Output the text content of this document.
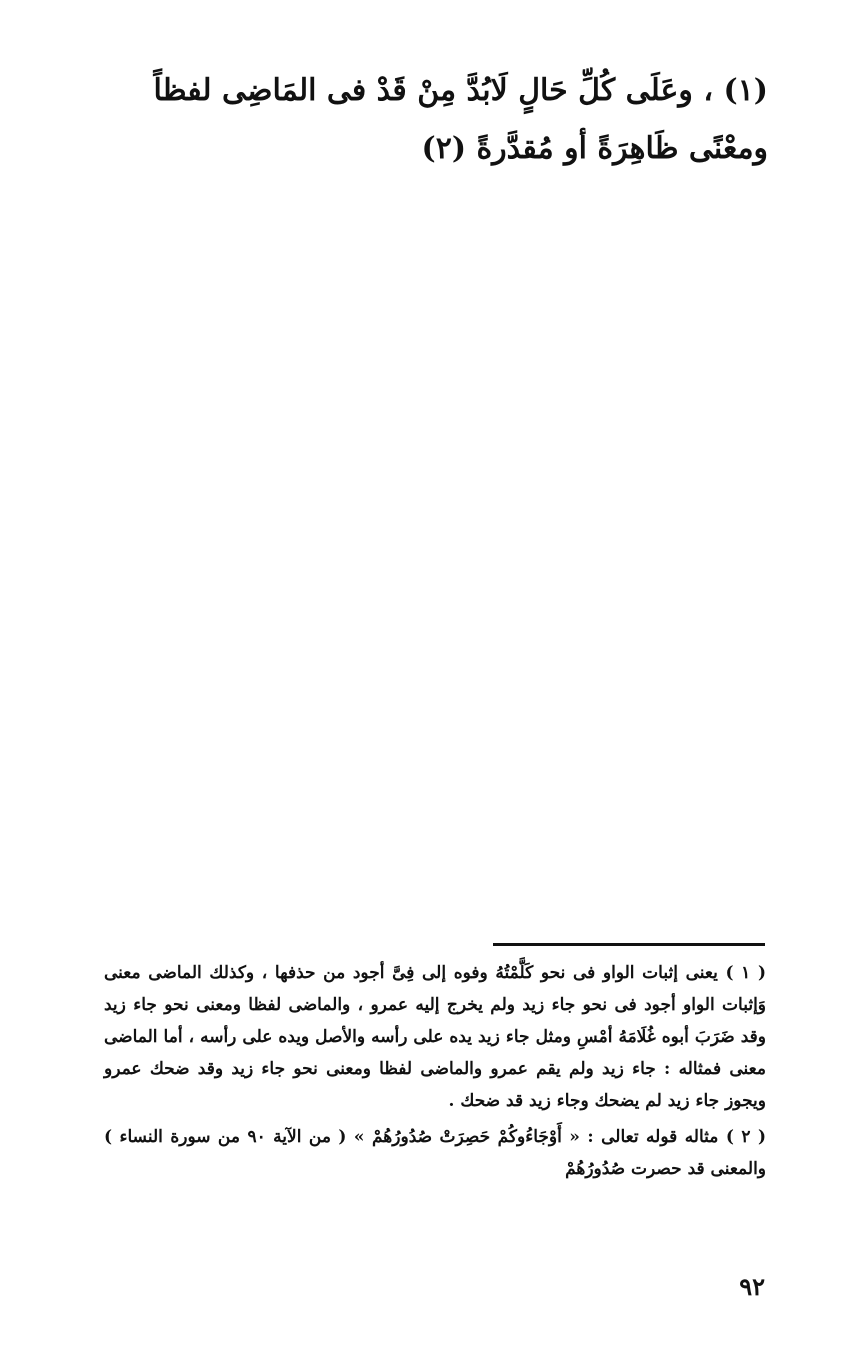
(١) ، وعَلَى كُلِّ حَالٍ لَابُدَّ مِنْ قَدْ فى المَاضِى لفظاً ومعْنًى ظَاهِرَةً أو مُقدَّرةً (٢)

( ١ ) يعنى إثبات الواو فى نحو كَلَّمْتُهُ وفوه إلى فِىَّ أجود من حذفها ، وكذلك الماضى معنى وَإثبات الواو أجود فى نحو جاء زيد ولم يخرج إليه عمرو ، والماضى لفظا ومعنى نحو جاء زيد وقد ضَرَبَ أبوه غُلَامَهُ أمْسِ ومثل جاء زيد يده على رأسه والأصل ويده على رأسه ، أما الماضى معنى فمثاله : جاء زيد ولم يقم عمرو والماضى لفظا ومعنى نحو جاء زيد وقد ضحك عمرو ويجوز جاء زيد لم يضحك وجاء زيد قد ضحك .

( ٢ ) مثاله قوله تعالى : « أَوْجَاءُوكُمْ حَصِرَتْ صُدُورُهُمْ » ( من الآية ٩٠ من سورة النساء ) والمعنى قد حصرت صُدُورُهُمْ

٩٢
